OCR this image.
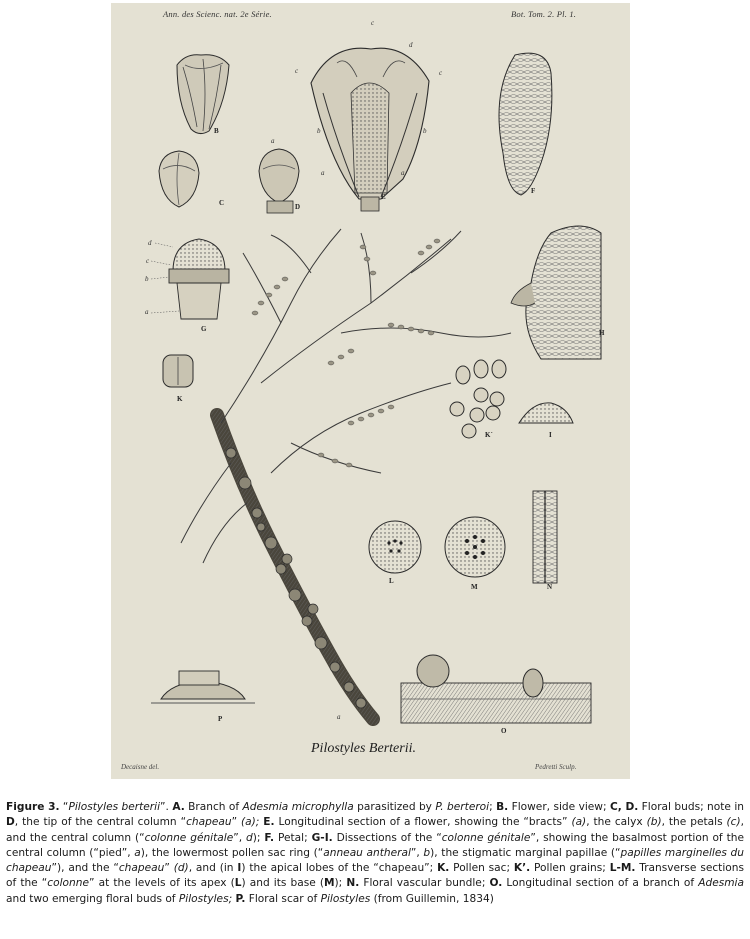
Ann. des Scienc. nat. 2e Série.	Bot. Tom. 2. Pl. 1.
B
C	D
E
F
G	H
K
K´	I
L
M	N
O
P	a
a
c
d
c	c
b	b
a	a
d
c
b
a
Pilostyles Berterii.
Decaisne del.	Pedretti Sculp.

Figure 3. “Pilostyles berterii”. A. Branch of Adesmia microphylla parasitized by P. berteroi; B. Flower, side view; C, D. Floral buds; note in D, the tip of the central column “chapeau” (a); E. Longitudinal section of a flower, showing the “bracts” (a), the calyx (b), the petals (c), and the central column (“colonne génitale”, d); F. Petal; G-I. Dissections of the “colonne génitale”, showing the basalmost portion of the central column (“pied”, a), the lowermost pollen sac ring (“anneau antheral”, b), the stigmatic marginal papillae (“papilles marginelles du chapeau”), and the “chapeau” (d), and (in I) the apical lobes of the “chapeau”; K. Pollen sac; K’. Pollen grains; L-M. Transverse sections of the “colonne” at the levels of its apex (L) and its base (M); N. Floral vascular bundle; O. Longitudinal section of a branch of Adesmia and two emerging floral buds of Pilostyles; P. Floral scar of Pilostyles (from Guillemin, 1834)
